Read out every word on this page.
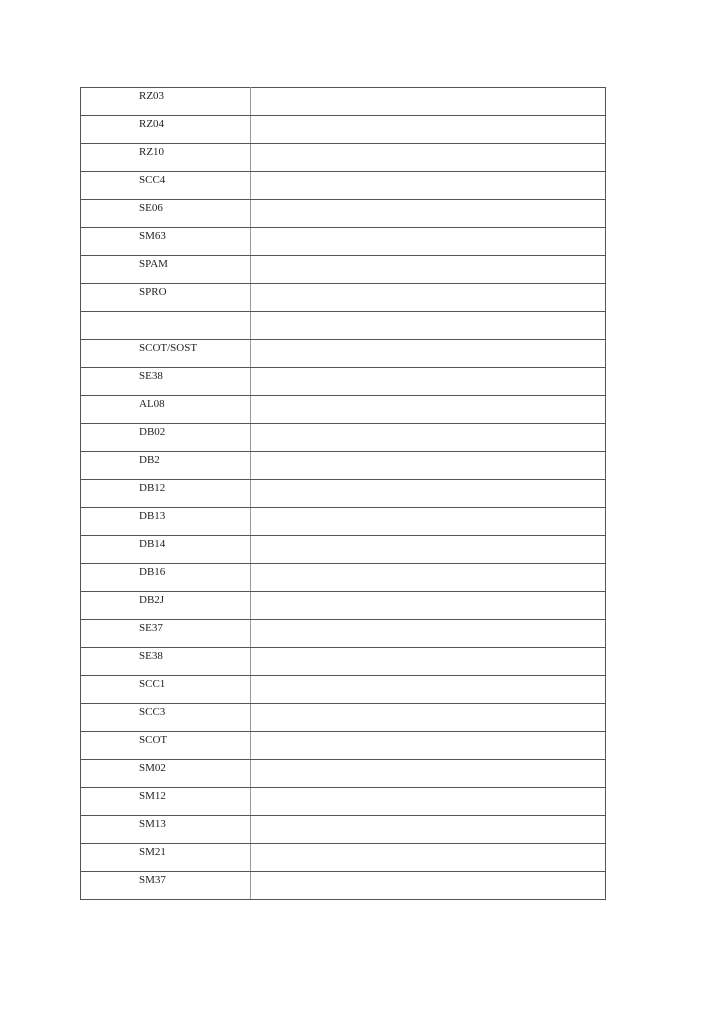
RZ03	
RZ04	
RZ10	
SCC4	
SE06	
SM63	
SPAM	
SPRO	

SCOT/SOST	
SE38	
AL08	
DB02	
DB2	
DB12	
DB13	
DB14	
DB16	
DB2J	
SE37	
SE38	
SCC1	
SCC3	
SCOT	
SM02	
SM12	
SM13	
SM21	
SM37	
